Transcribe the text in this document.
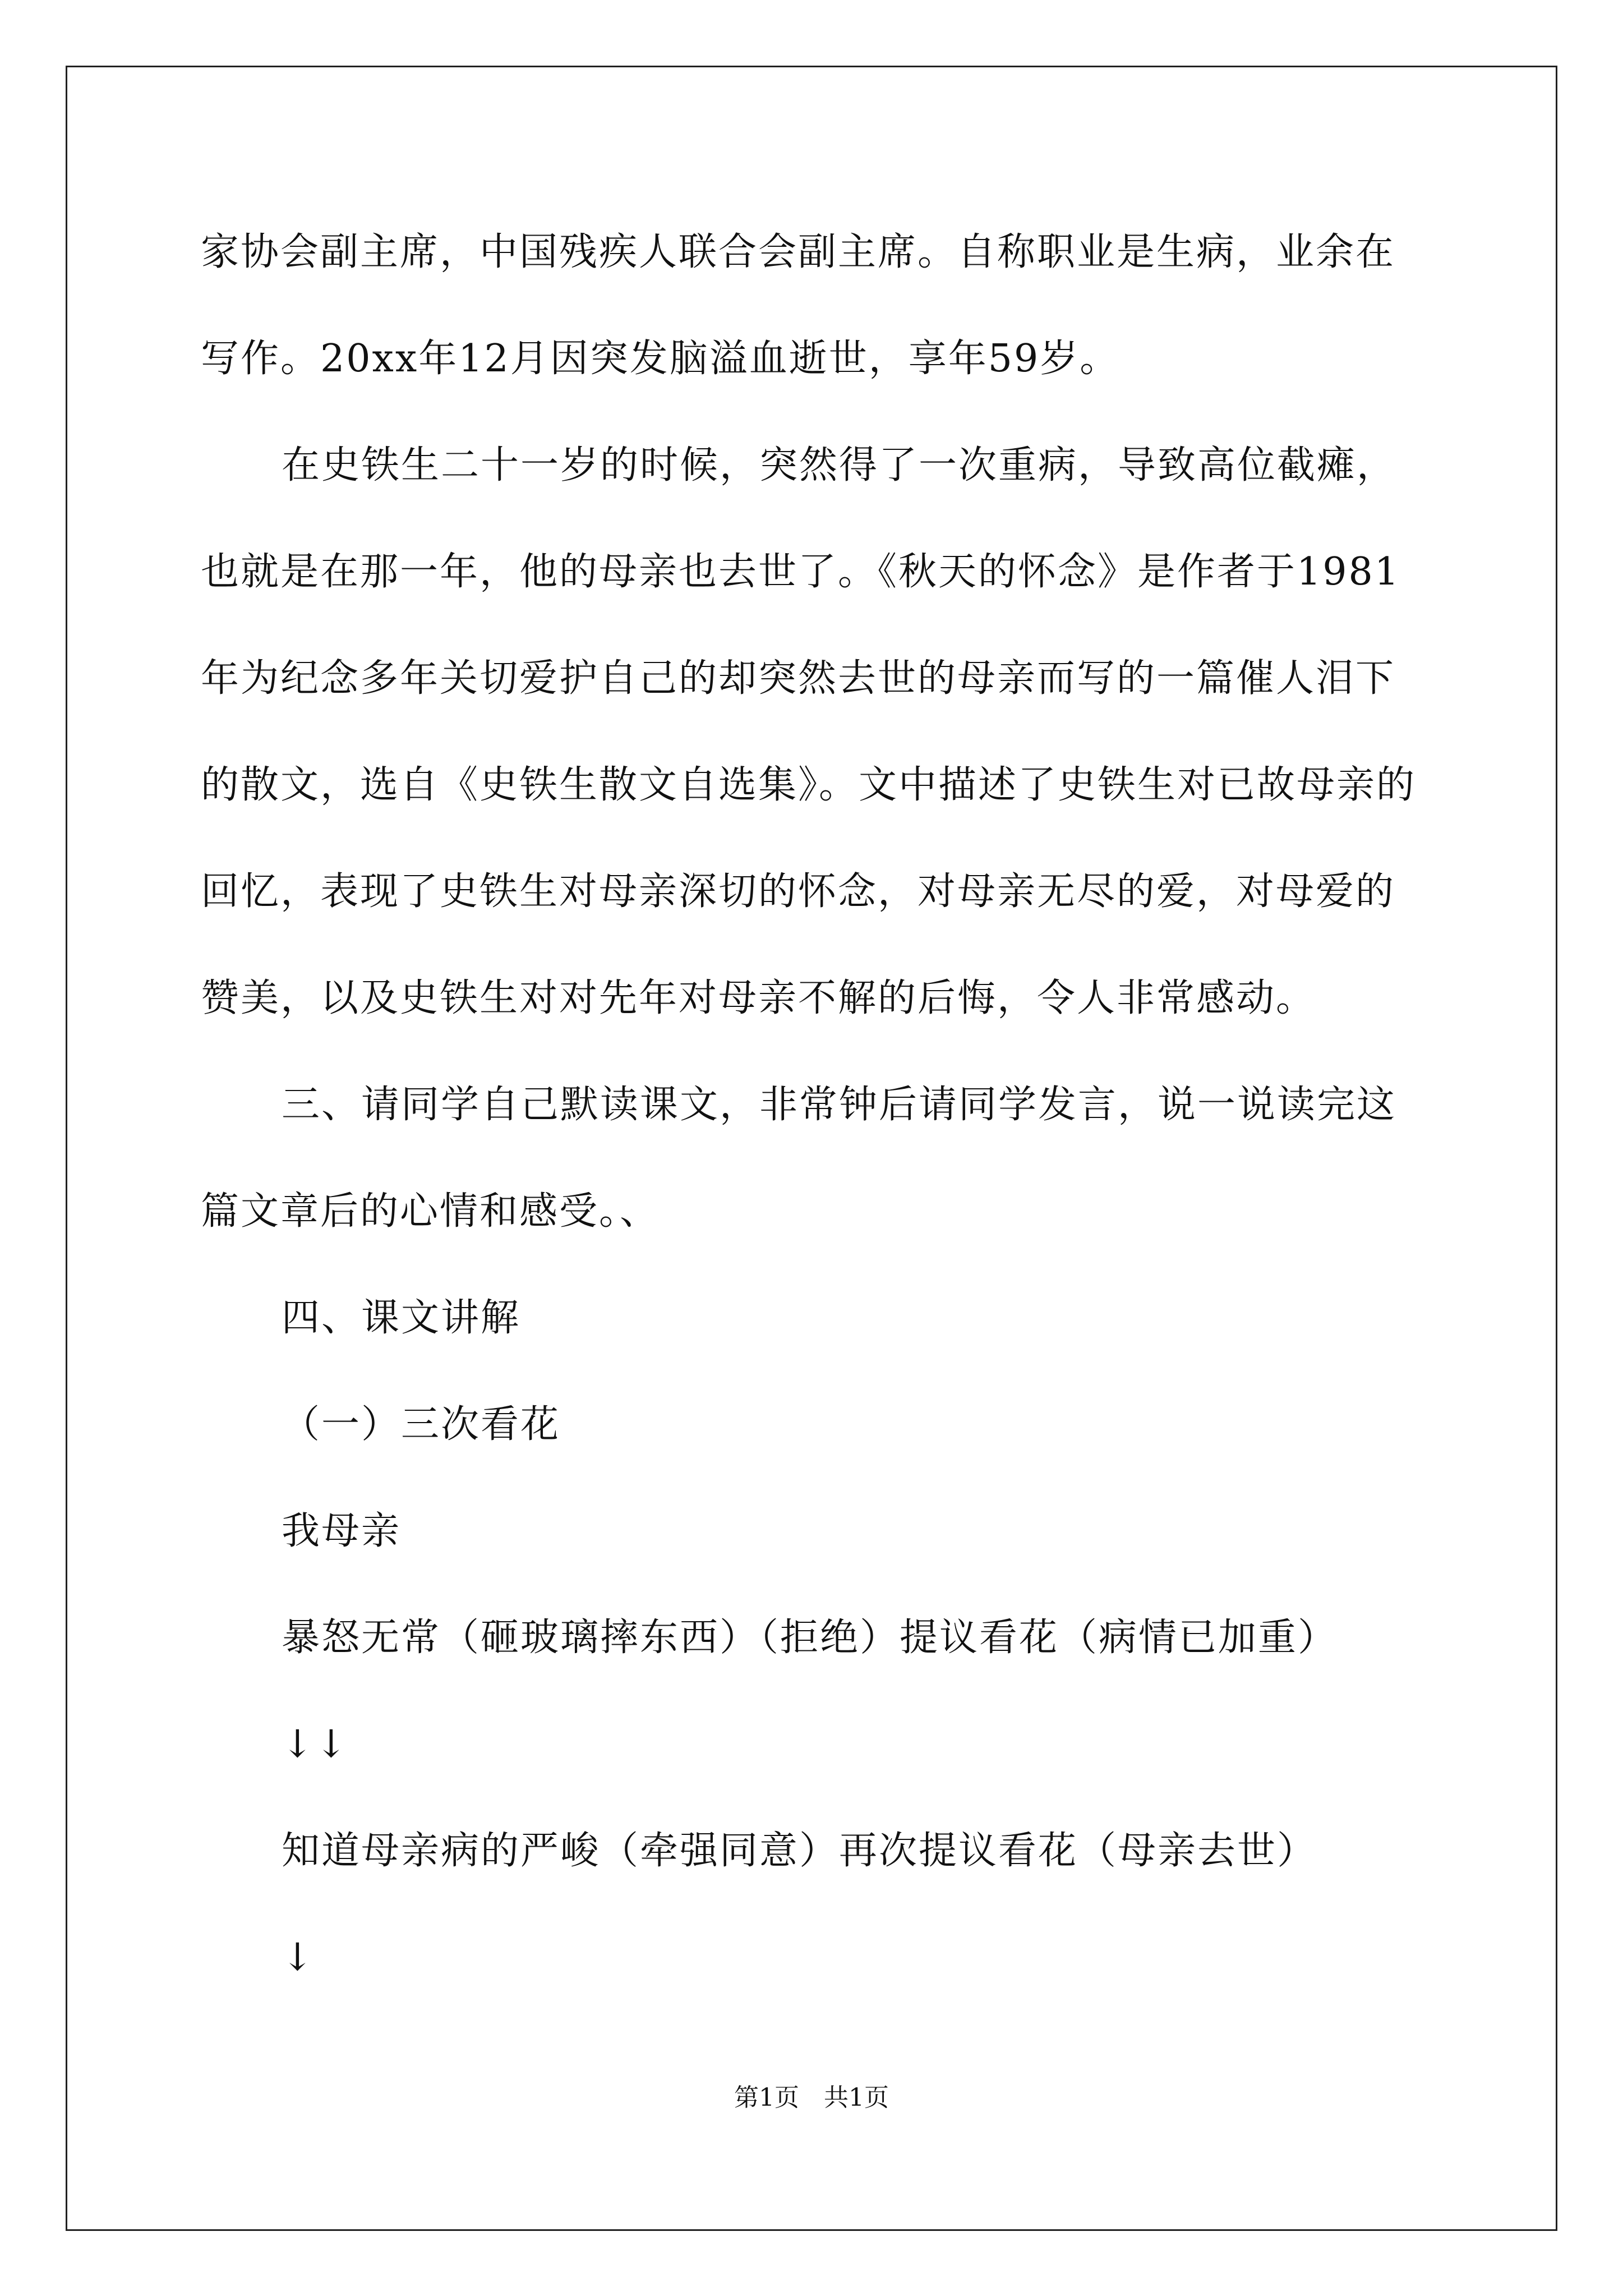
家协会副主席，中国残疾人联合会副主席。自称职业是生病，业余在
写作。20xx年12月因突发脑溢血逝世，享年59岁。
在史铁生二十一岁的时候，突然得了一次重病，导致高位截瘫，
也就是在那一年，他的母亲也去世了。《秋天的怀念》是作者于1981
年为纪念多年关切爱护自己的却突然去世的母亲而写的一篇催人泪下
的散文，选自《史铁生散文自选集》。文中描述了史铁生对已故母亲的
回忆，表现了史铁生对母亲深切的怀念，对母亲无尽的爱，对母爱的
赞美，以及史铁生对对先年对母亲不解的后悔，令人非常感动。
三、请同学自己默读课文，非常钟后请同学发言，说一说读完这
篇文章后的心情和感受。、
四、课文讲解
（一）三次看花
我母亲
暴怒无常（砸玻璃摔东西）（拒绝）提议看花（病情已加重）
↓↓
知道母亲病的严峻（牵强同意）再次提议看花（母亲去世）
↓
第1页　共1页
